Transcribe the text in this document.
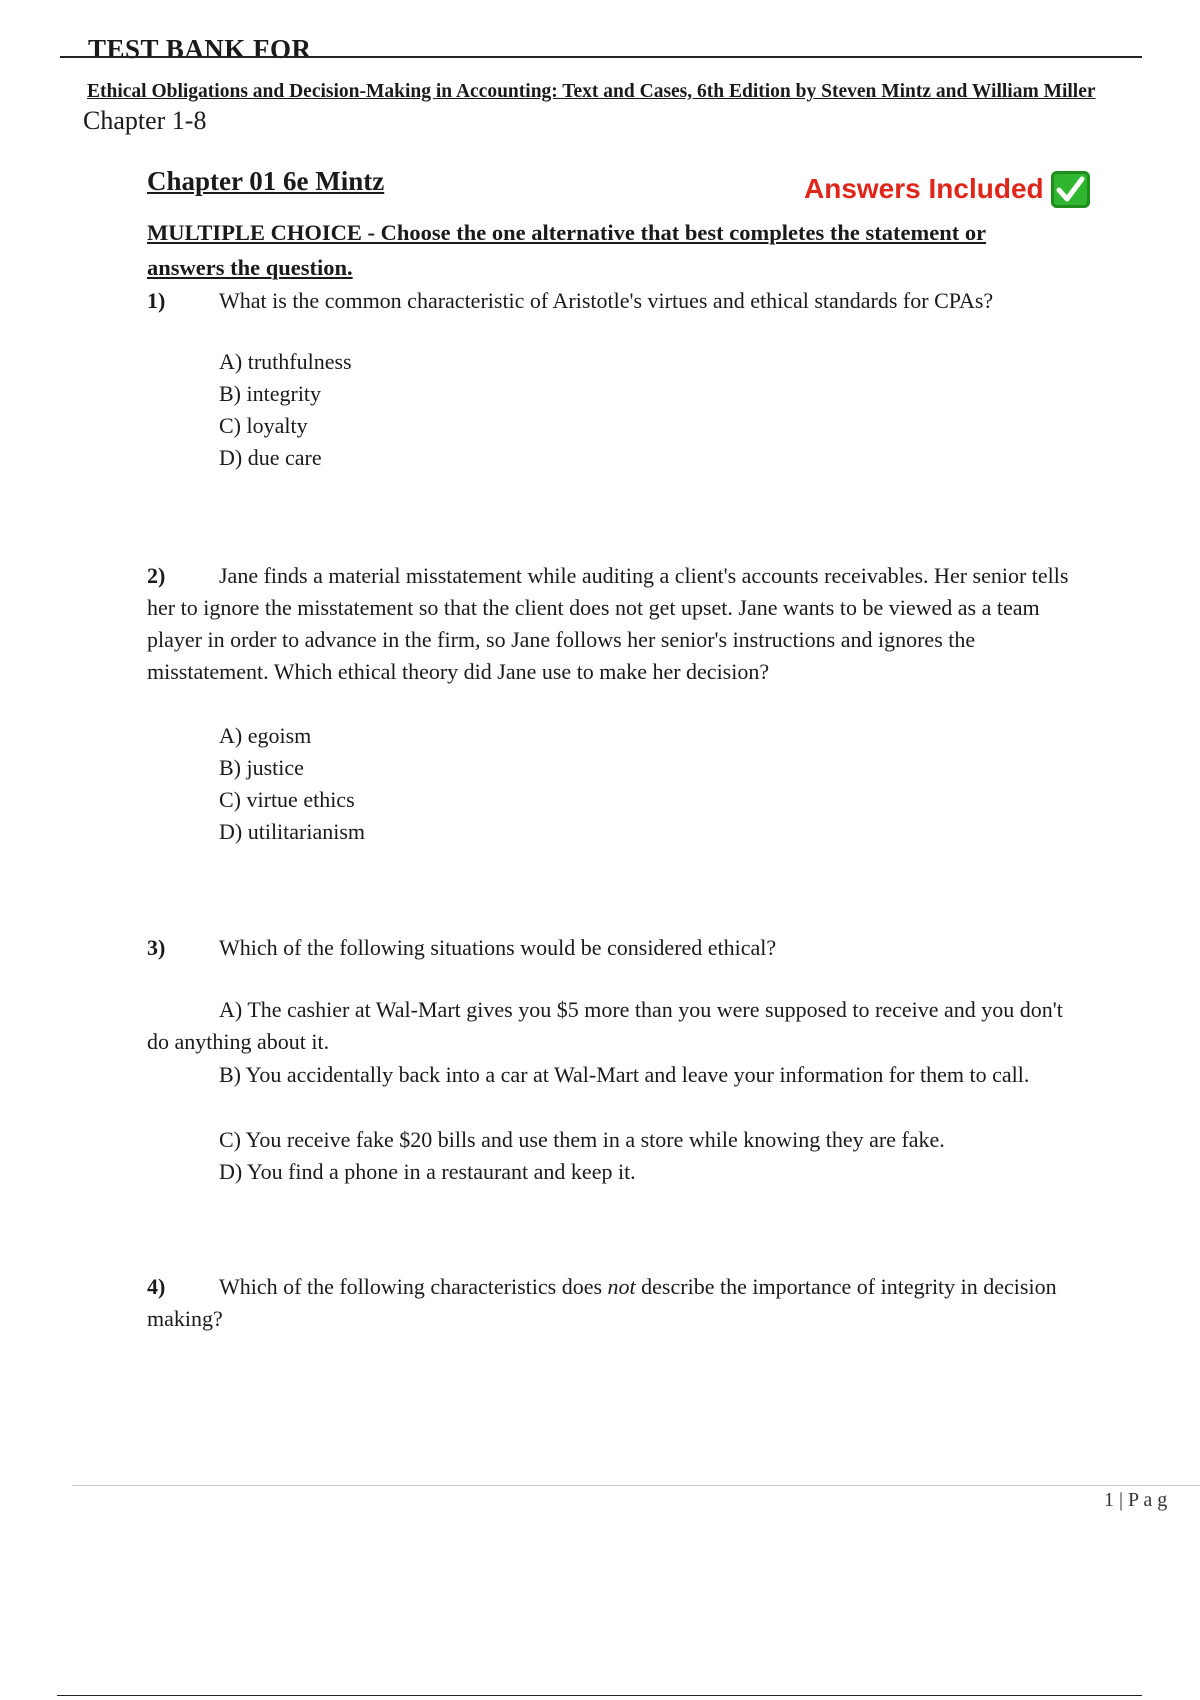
TEST BANK FOR
Ethical Obligations and Decision-Making in Accounting: Text and Cases, 6th Edition by Steven Mintz and William Miller
Chapter 1-8
Chapter 01 6e Mintz	Answers Included
MULTIPLE CHOICE - Choose the one alternative that best completes the statement or answers the question.
1) What is the common characteristic of Aristotle's virtues and ethical standards for CPAs?
A) truthfulness
B) integrity
C) loyalty
D) due care
2) Jane finds a material misstatement while auditing a client's accounts receivables. Her senior tells her to ignore the misstatement so that the client does not get upset. Jane wants to be viewed as a team player in order to advance in the firm, so Jane follows her senior's instructions and ignores the misstatement. Which ethical theory did Jane use to make her decision?
A) egoism
B) justice
C) virtue ethics
D) utilitarianism
3) Which of the following situations would be considered ethical?
A) The cashier at Wal-Mart gives you $5 more than you were supposed to receive and you don't do anything about it.
B) You accidentally back into a car at Wal-Mart and leave your information for them to call.
C) You receive fake $20 bills and use them in a store while knowing they are fake.
D) You find a phone in a restaurant and keep it.
4) Which of the following characteristics does not describe the importance of integrity in decision making?
1 | P a g
